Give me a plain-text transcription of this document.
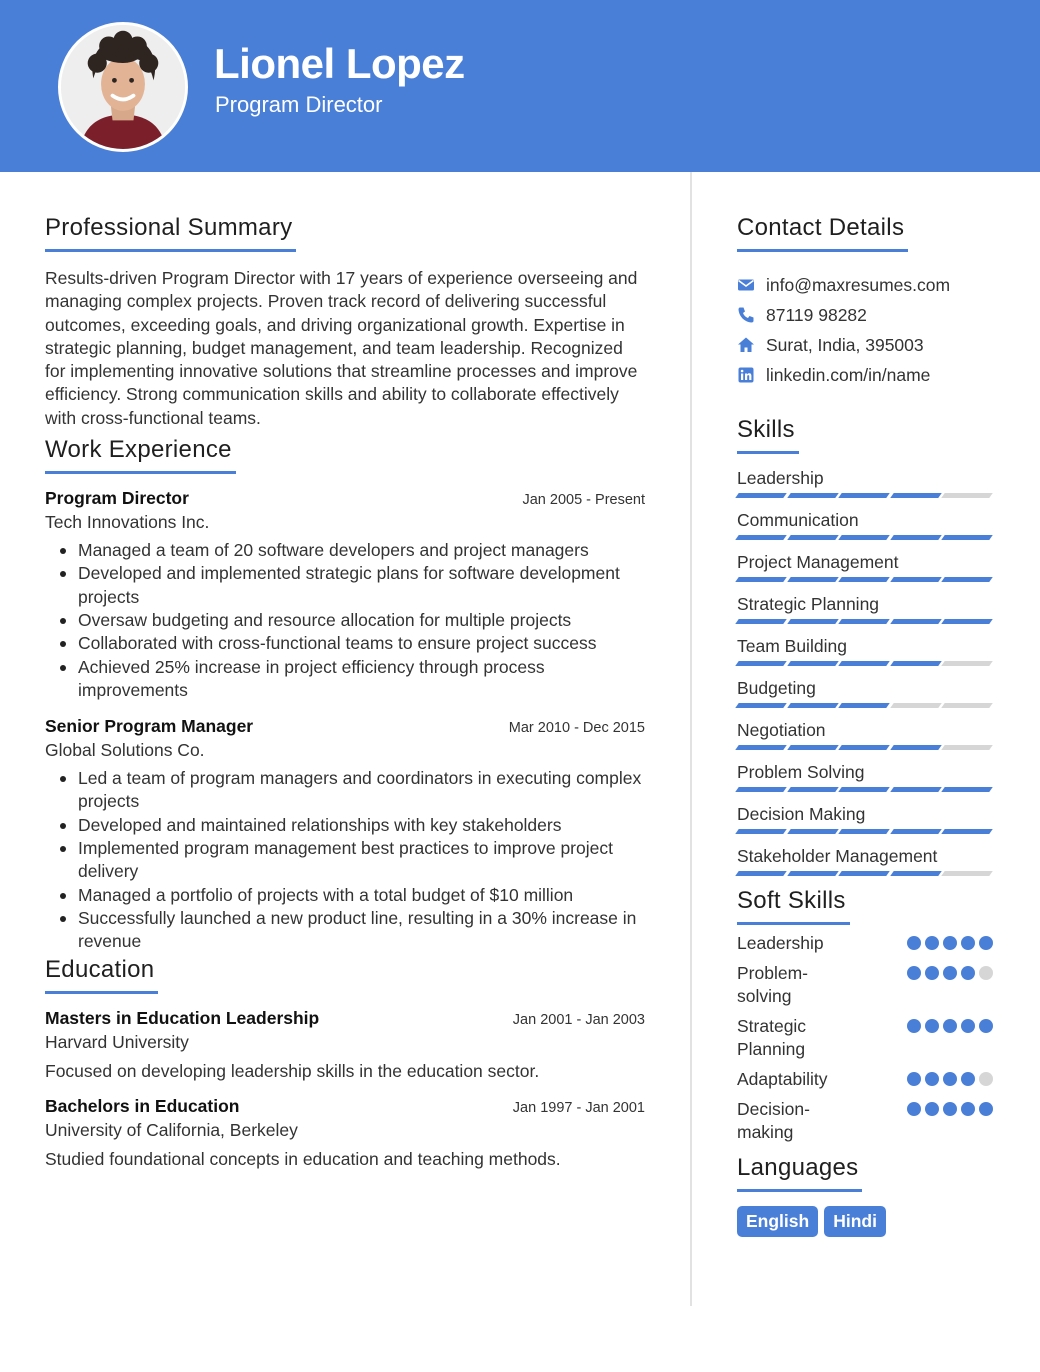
Lionel Lopez
Program Director
Professional Summary

Results-driven Program Director with 17 years of experience overseeing and managing complex projects. Proven track record of delivering successful outcomes, exceeding goals, and driving organizational growth. Expertise in strategic planning, budget management, and team leadership. Recognized for implementing innovative solutions that streamline processes and improve efficiency. Strong communication skills and ability to collaborate effectively with cross-functional teams.

Work Experience
Program Director	Jan 2005 - Present
Tech Innovations Inc.
Managed a team of 20 software developers and project managers
Developed and implemented strategic plans for software development projects
Oversaw budgeting and resource allocation for multiple projects
Collaborated with cross-functional teams to ensure project success
Achieved 25% increase in project efficiency through process improvements
Senior Program Manager	Mar 2010 - Dec 2015
Global Solutions Co.
Led a team of program managers and coordinators in executing complex projects
Developed and maintained relationships with key stakeholders
Implemented program management best practices to improve project delivery
Managed a portfolio of projects with a total budget of $10 million
Successfully launched a new product line, resulting in a 30% increase in revenue
Education
Masters in Education Leadership	Jan 2001 - Jan 2003
Harvard University
Focused on developing leadership skills in the education sector.
Bachelors in Education	Jan 1997 - Jan 2001
University of California, Berkeley
Studied foundational concepts in education and teaching methods.
Contact Details
info@maxresumes.com
87119 98282
Surat, India, 395003
linkedin.com/in/name
Skills
Leadership
Communication
Project Management
Strategic Planning
Team Building
Budgeting
Negotiation
Problem Solving
Decision Making
Stakeholder Management
Soft Skills
Leadership
Problem-solving
Strategic Planning
Adaptability
Decision-making
Languages
English	Hindi
